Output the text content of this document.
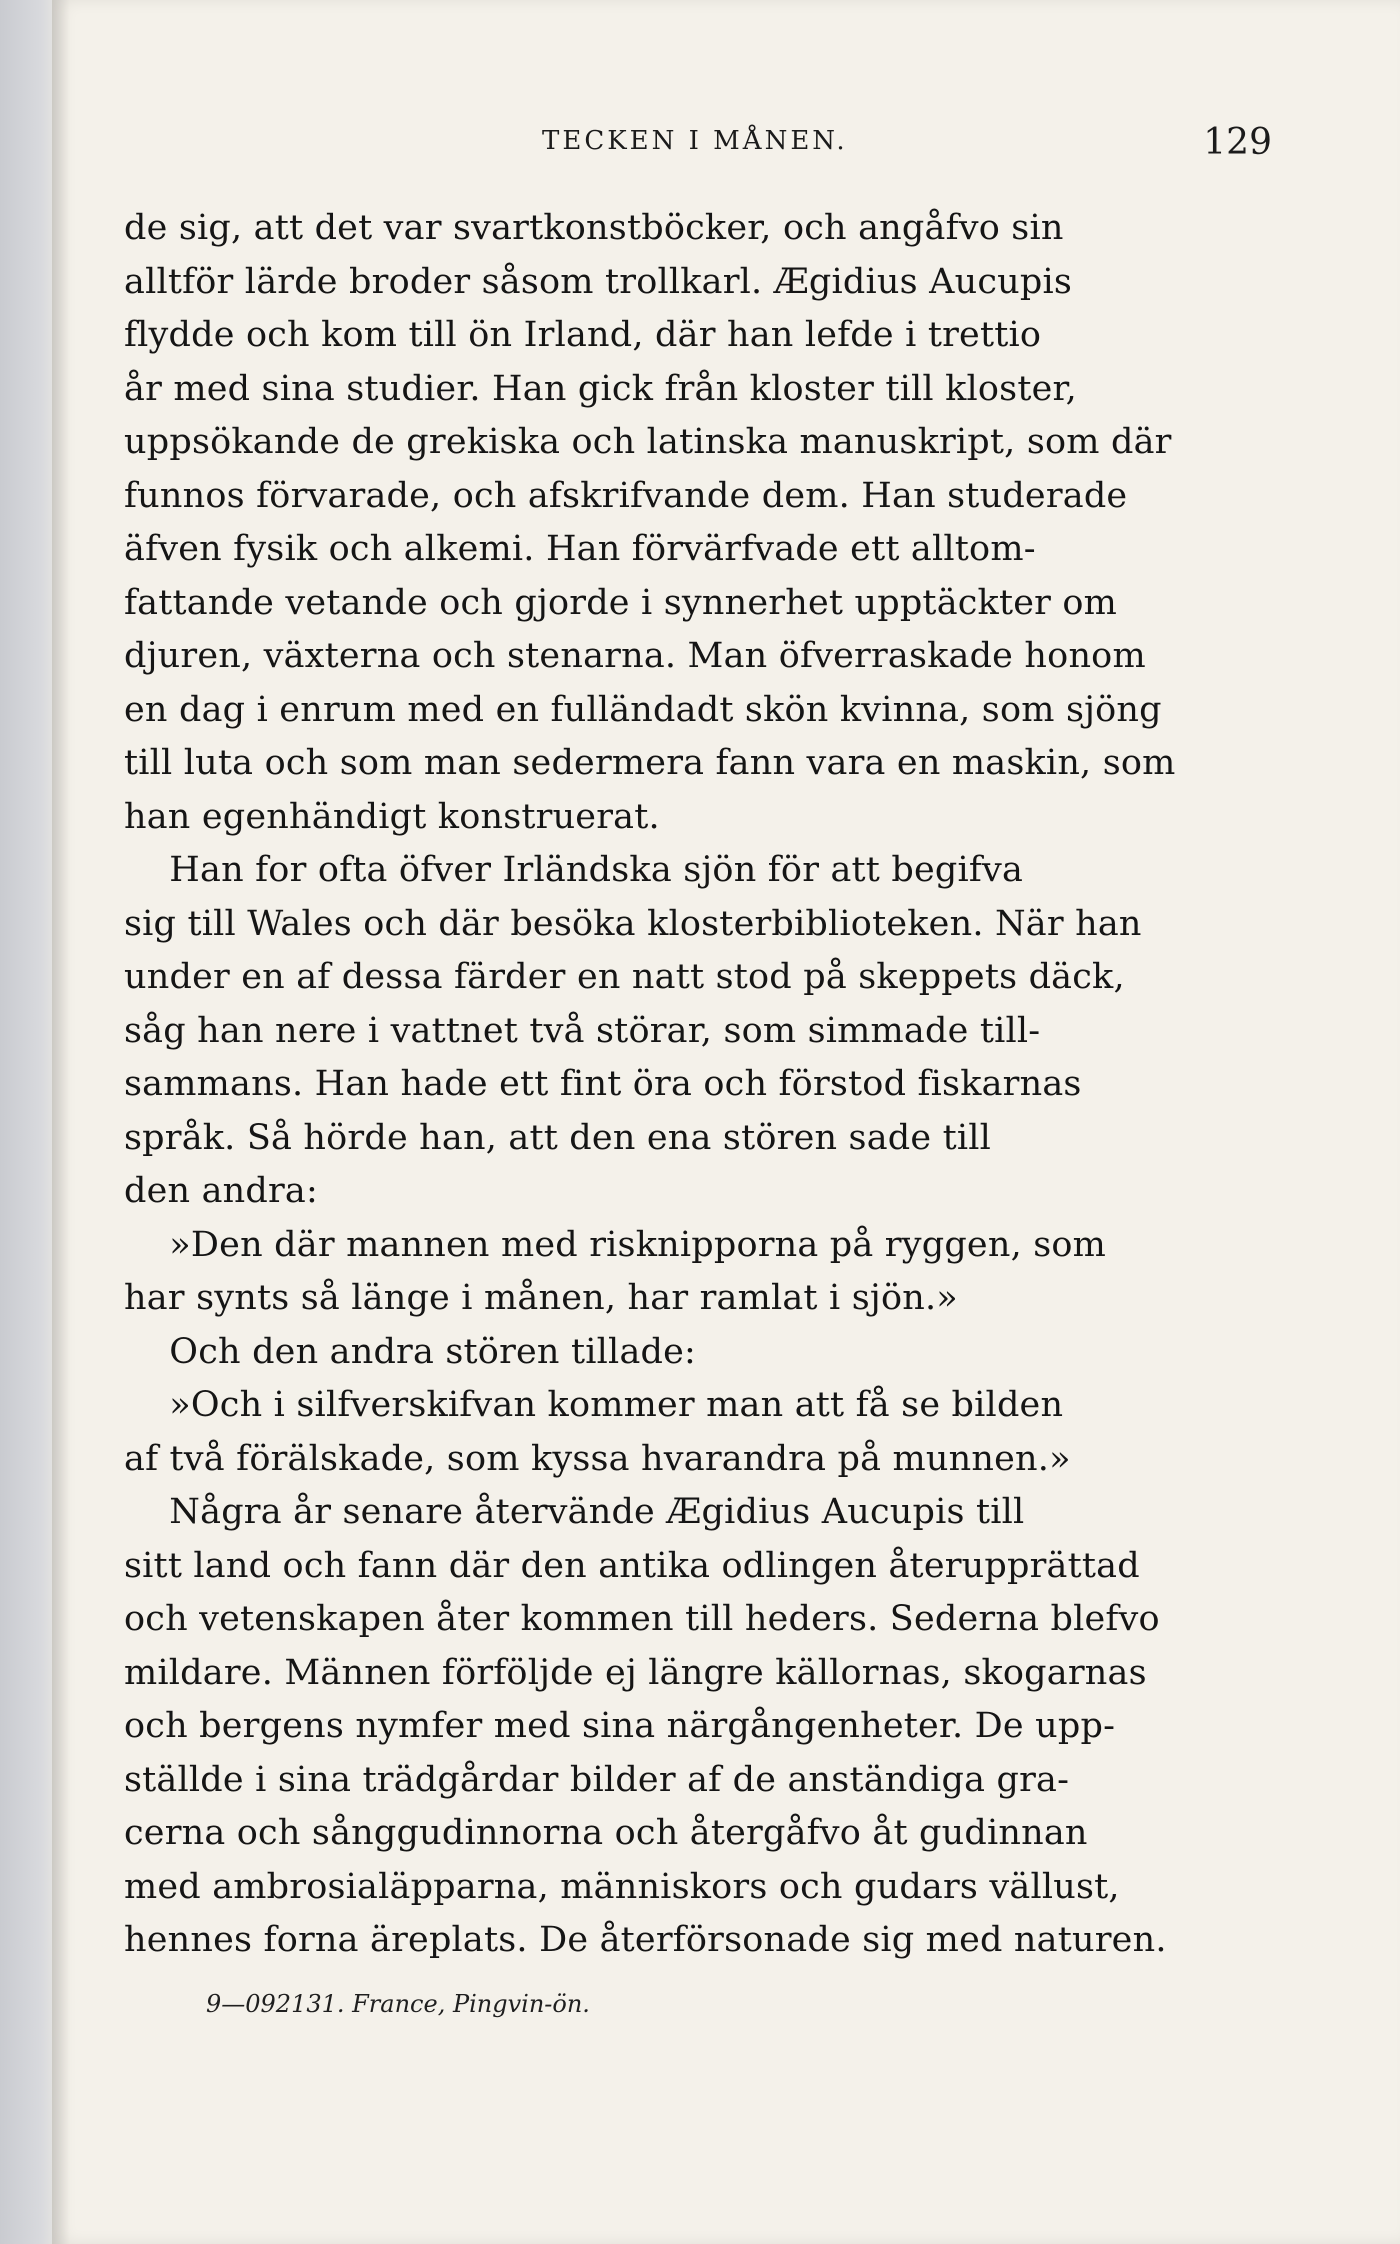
TECKEN I MÅNEN.	129
de sig, att det var svartkonstböcker, och angåfvo sin
alltför lärde broder såsom trollkarl. Ægidius Aucupis
flydde och kom till ön Irland, där han lefde i trettio
år med sina studier. Han gick från kloster till kloster,
uppsökande de grekiska och latinska manuskript, som där
funnos förvarade, och afskrifvande dem. Han studerade
äfven fysik och alkemi. Han förvärfvade ett alltom-
fattande vetande och gjorde i synnerhet upptäckter om
djuren, växterna och stenarna. Man öfverraskade honom
en dag i enrum med en fulländadt skön kvinna, som sjöng
till luta och som man sedermera fann vara en maskin, som
han egenhändigt konstruerat.
Han for ofta öfver Irländska sjön för att begifva
sig till Wales och där besöka klosterbiblioteken. När han
under en af dessa färder en natt stod på skeppets däck,
såg han nere i vattnet två störar, som simmade till-
sammans. Han hade ett fint öra och förstod fiskarnas
språk. Så hörde han, att den ena stören sade till
den andra:
»Den där mannen med risknipporna på ryggen, som
har synts så länge i månen, har ramlat i sjön.»
Och den andra stören tillade:
»Och i silfverskifvan kommer man att få se bilden
af två förälskade, som kyssa hvarandra på munnen.»
Några år senare återvände Ægidius Aucupis till
sitt land och fann där den antika odlingen återupprättad
och vetenskapen åter kommen till heders. Sederna blefvo
mildare. Männen förföljde ej längre källornas, skogarnas
och bergens nymfer med sina närgångenheter. De upp-
ställde i sina trädgårdar bilder af de anständiga gra-
cerna och sånggudinnorna och återgåfvo åt gudinnan
med ambrosialäpparna, människors och gudars vällust,
hennes forna äreplats. De återförsonade sig med naturen.
9—092131. France, Pingvin-ön.
